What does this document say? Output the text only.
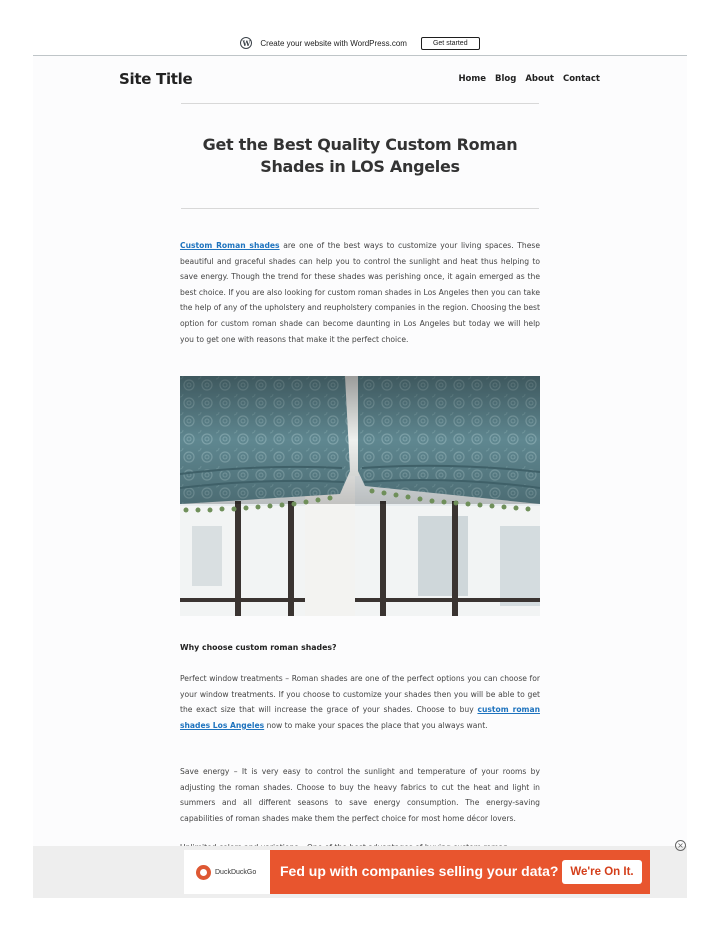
W Create your website with WordPress.com	Get started
Site Title	Home Blog About Contact
Get the Best Quality Custom Roman Shades in LOS Angeles

Custom Roman shades are one of the best ways to customize your living spaces. These beautiful and graceful shades can help you to control the sunlight and heat thus helping to save energy. Though the trend for these shades was perishing once, it again emerged as the best choice. If you are also looking for custom roman shades in Los Angeles then you can take the help of any of the upholstery and reupholstery companies in the region. Choosing the best option for custom roman shade can become daunting in Los Angeles but today we will help you to get one with reasons that make it the perfect choice.

Why choose custom roman shades?

Perfect window treatments – Roman shades are one of the perfect options you can choose for your window treatments. If you choose to customize your shades then you will be able to get the exact size that will increase the grace of your shades. Choose to buy custom roman shades Los Angeles now to make your spaces the place that you always want.

Save energy – It is very easy to control the sunlight and temperature of your rooms by adjusting the roman shades. Choose to buy the heavy fabrics to cut the heat and light in summers and all different seasons to save energy consumption. The energy-saving capabilities of roman shades make them the perfect choice for most home décor lovers.

×
DuckDuckGo Fed up with companies selling your data?	We're On It.
